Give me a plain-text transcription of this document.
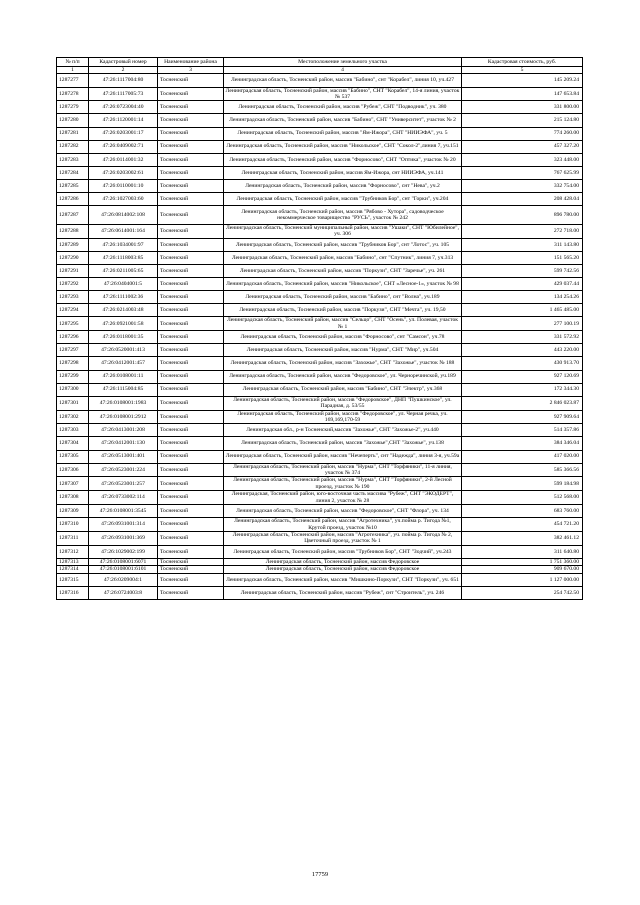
№ п/п	Кадастровый номер	Наименование района	Местоположение земельного участка	Кадастровая стоимость, руб.
1	2	3	4	5
1287277	47:26:1117004:80	Тосненский	Ленинградская область, Тосненский район, массив "Бабино", снт "Корабел", линия 10, уч.427	145 209.24
1287278	47:26:1117005:73	Тосненский	Ленинградская область, Тосненский район, массив "Бабино", СНТ "Корабел", 14-я линия, участок № 537	147 653.84
1287279	47:26:0723004:40	Тосненский	Ленинградская область, Тосненский район, массив "Рубеж", СНТ "Подводник", уч. 380	331 800.00
1287280	47:26:1120001:14	Тосненский	Ленинградская область, Тосненский район, массив "Бабино", СНТ "Университет", участок № 2	215 124.80
1287281	47:26:0203001:17	Тосненский	Ленинградская область, Тосненский район, массив "Ям-Ижора", СНТ "НИИЭФА", уч. 5	774 260.00
1287282	47:26:0409002:71	Тосненский	Ленинградская область, Тосненский район, массив "Никольское", СНТ "Сокол-2",линия 7, уч.151	457 327.20
1287283	47:26:0114001:32	Тосненский	Ленинградская область, Тосненский район, массив "Форносово", СНТ "Оптика", участок № 20	323 448.00
1287284	47:26:0203002:61	Тосненский	Ленинградская область, Тосненский район, массив Ям-Ижора, снт НИИЭФА, уч.141	767 625.99
1287285	47:26:0110001:10	Тосненский	Ленинградская область, Тосненский район, массив "Форносово", снт "Нева", уч.2	332 754.00
1287286	47:26:1027003:60	Тосненский	Ленинградская область, Тосненский район, массив "Трубников Бор", снт "Горки", уч.204	208 428.04
1287287	47:26:0814002:108	Тосненский	Ленинградская область, Тосненский район, массив "Рябово - Хутора", садоводческое некоммерческое товарищество "РУСЬ", участок № 242	896 780.00
1287288	47:26:0614001:164	Тосненский	Ленинградская область, Тосненский муниципальный район, массив "Ушаки", СНТ "Юбилейное", уч. 306	272 718.00
1287289	47:26:1034001:97	Тосненский	Ленинградская область, Тосненский район, массив "Трубников Бор", снт "Лотос", уч. 105	311 143.80
1287290	47:26:1118003:85	Тосненский	Ленинградская область, Тосненский район, массив "Бабино", снт "Спутник", линия 7, уч.313	151 565.20
1287291	47:26:0211005:65	Тосненский	Ленинградская область, Тосненский район, массив "Поркузи", СНТ "Заречье", уч. 261	599 742.56
1287292	47:26:0404001:5	Тосненский	Ленинградская область, Тосненский район, массив "Никольское", СНТ «Лесное-1», участок № 98	429 037.44
1287293	47:26:1111002:36	Тосненский	Ленинградская область, Тосненский район, массив "Бабино", снт "Волна", уч.189	134 254.26
1287294	47:26:0214003:48	Тосненский	Ленинградская область, Тосненский район, массив "Поркузи", СНТ "Мечта", уч. 19,50	1 465 485.00
1287295	47:26:0921001:58	Тосненский	Ленинградская область, Тосненский район, массив "Сельцо", СНТ "Осень", ул. Полевая, участок № 1	277 100.19
1287296	47:26:0118001:35	Тосненский	Ленинградская область, Тосненский район, массив "Форносово", снт "Самсон", уч.78	331 572.92
1287297	47:26:0520001:413	Тосненский	Ленинградская область, Тосненский район, массив "Нурма", СНТ "Мир", уч.504	443 220.00
1287298	47:26:0412001:457	Тосненский	Ленинградская область, Тосненский район, массив "Захожье", СНТ "Захожье", участок № 188	430 913.70
1287299	47:26:0108001:11	Тосненский	Ленинградская область, Тосненский район, массив "Федоровское", ул. Черноречинской, уч.189	927 120.69
1287300	47:26:1115004:85	Тосненский	Ленинградская область, Тосненский район, массив "Бабино", СНТ "Электр", уч.368	172 344.30
1287301	47:26:0108001:1983	Тосненский	Ленинградская область, Тосненский район, массив "Федоровское", ДНП "Пушкинское", ул. Парадная, д. 53/55	2 846 023.87
1287302	47:26:0108001:2912	Тосненский	Ленинградская область, Тосненский район, массив "Федоровское", ул. Черная речка, уч. 169,169,170-59	927 909.64
1287303	47:26:0413001:208	Тосненский	Ленинградская обл., р-н Тосненский,массив "Захожье", СНТ "Захожье-2", уч.440	514 357.86
1287304	47:26:0412001:130	Тосненский	Ленинградская область, Тосненский район, массив "Захожье",СНТ "Захожье", уч.138	384 346.04
1287305	47:26:0513001:401	Тосненский	Ленинградская область, Тосненский район, массив "Нечеперть", снт "Надежда", линия 3-я, уч.59а	417 020.00
1287306	47:26:0523001:224	Тосненский	Ленинградская область, Тосненский район, массив "Нурма", СНТ "Торфяники", 11-я линия, участок № 374	585 366.56
1287307	47:26:0523001:257	Тосненский	Ленинградская область, Тосненский район, массив "Нурма", СНТ "Торфяники", 2-й Лесной проезд, участок № 190	599 184.98
1287308	47:26:0733002:114	Тосненский	Ленинградская, Тосненский район, юго-восточная часть массива "Рубеж", СНТ "ЭКОДЕРТ", линия 2, участок № 28	512 568.00
1287309	47:26:0108001:3545	Тосненский	Ленинградская область, Тосненский район, массив "Федоровское", СНТ "Флора", уч. 134	683 760.00
1287310	47:26:0931001:314	Тосненский	Ленинградская область, Тосненский район, массив "Агротехника", уч.пойма р. Тигода №1, Крутой проезд, участок №10	454 721.20
1287311	47:26:0931001:369	Тосненский	Ленинградская область, Тосненский район, массив "Агротехника", уч. пойма р. Тигода № 2, Цветочный проезд, участок № 1	382 461.12
1287312	47:26:1029002:199	Тосненский	Ленинградская область, Тосненский район, массив "Трубников Бор", СНТ "Зодчий", уч.243	311 640.80
1287313	47:26:0108001:6071	Тосненский	Ленинградская область, Тосненский район, массив Федоровское	1 751 360.00
1287314	47:26:0108001:6101	Тосненский	Ленинградская область, Тосненский район, массив Федоровское	909 670.00
1287315	47:26:0209004:1	Тосненский	Ленинградская область, Тосненский район, массив "Мишкино-Поркузи", СНТ "Поркузи", уч. 651	1 127 000.00
1287316	47:26:0724003:8	Тосненский	Ленинградская область, Тосненский район, массив "Рубеж", снт "Строитель", уч. 246	254 742.50
17759
